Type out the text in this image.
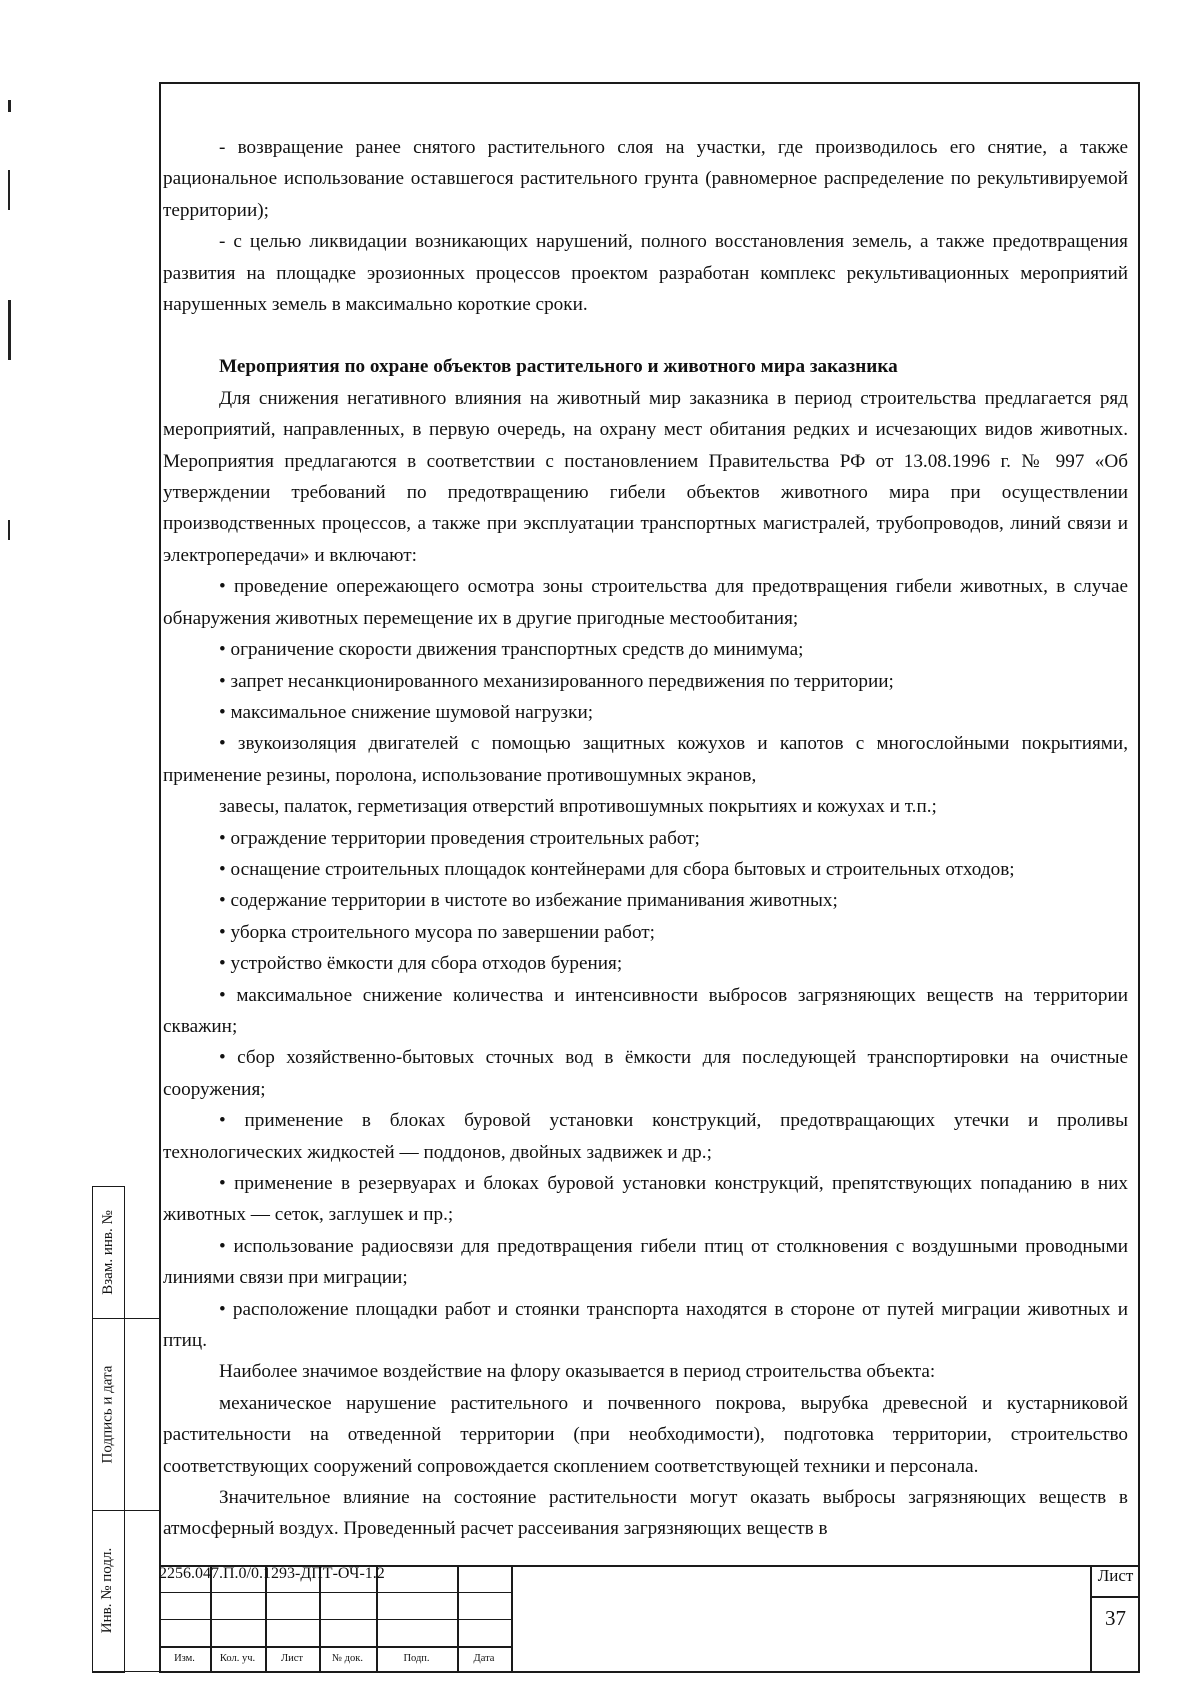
- возвращение ранее снятого растительного слоя на участки, где производилось его снятие, а также рациональное использование оставшегося растительного грунта (равномерное распределение по рекультивируемой территории);

- с целью ликвидации возникающих нарушений, полного восстановления земель, а также предотвращения развития на площадке эрозионных процессов проектом разработан комплекс рекультивационных мероприятий нарушенных земель в максимально короткие сроки.

Мероприятия по охране объектов растительного и животного мира заказника

Для снижения негативного влияния на животный мир заказника в период строительства предлагается ряд мероприятий, направленных, в первую очередь, на охрану мест обитания редких и исчезающих видов животных. Мероприятия предлагаются в соответствии с постановлением Правительства РФ от 13.08.1996 г. № 997 «Об утверждении требований по предотвращению гибели объектов животного мира при осуществлении производственных процессов, а также при эксплуатации транспортных магистралей, трубопроводов, линий связи и электропередачи» и включают:

• проведение опережающего осмотра зоны строительства для предотвращения гибели животных, в случае обнаружения животных перемещение их в другие пригодные местообитания;

• ограничение скорости движения транспортных средств до минимума;

• запрет несанкционированного механизированного передвижения по территории;

• максимальное снижение шумовой нагрузки;

• звукоизоляция двигателей с помощью защитных кожухов и капотов с многослойными покрытиями, применение резины, поролона, использование противошумных экранов,

завесы, палаток, герметизация отверстий впротивошумных покрытиях и кожухах и т.п.;

• ограждение территории проведения строительных работ;

• оснащение строительных площадок контейнерами для сбора бытовых и строительных отходов;

• содержание территории в чистоте во избежание приманивания животных;

• уборка строительного мусора по завершении работ;

• устройство ёмкости для сбора отходов бурения;

• максимальное снижение количества и интенсивности выбросов загрязняющих веществ на территории скважин;

• сбор хозяйственно-бытовых сточных вод в ёмкости для последующей транспортировки на очистные сооружения;

• применение в блоках буровой установки конструкций, предотвращающих утечки и проливы технологических жидкостей — поддонов, двойных задвижек и др.;

• применение в резервуарах и блоках буровой установки конструкций, препятствующих попаданию в них животных — сеток, заглушек и пр.;

• использование радиосвязи для предотвращения гибели птиц от столкновения с воздушными проводными линиями связи при миграции;

• расположение площадки работ и стоянки транспорта находятся в стороне от путей миграции животных и птиц.

Наиболее значимое воздействие на флору оказывается в период строительства объекта:

механическое нарушение растительного и почвенного покрова, вырубка древесной и кустарниковой растительности на отведенной территории (при необходимости), подготовка территории, строительство соответствующих сооружений сопровождается скоплением соответствующей техники и персонала.

Значительное влияние на состояние растительности могут оказать выбросы загрязняющих веществ в атмосферный воздух. Проведенный расчет рассеивания загрязняющих веществ в

Взам. инв. №
Подпись и дата
Инв. № подл.
Изм.	Кол. уч.	Лист	№ док.	Подп.	Дата
2256.047.П.0/0.1293-ДПТ-ОЧ-1.2	Лист
37
